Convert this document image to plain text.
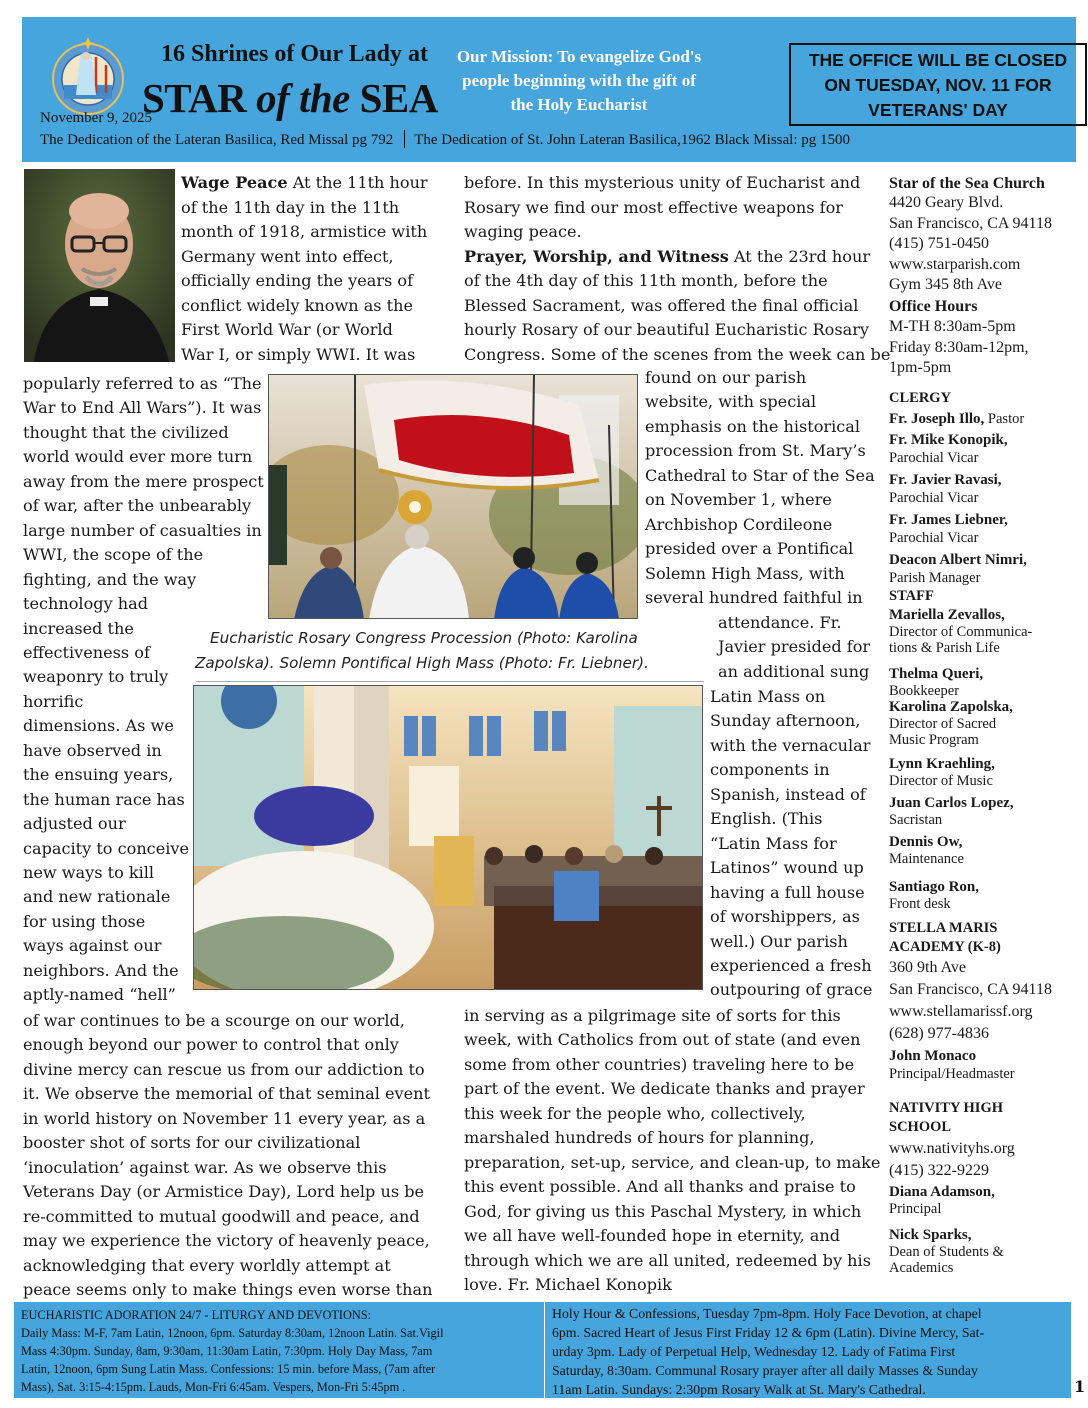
16 Shrines of Our Lady at
STAR of the SEA
Our Mission: To evangelize God's
people beginning with the gift of
the Holy Eucharist
THE OFFICE WILL BE CLOSED
ON TUESDAY, NOV. 11 FOR
VETERANS' DAY
November 9, 2025
The Dedication of the Lateran Basilica, Red Missal pg 792 The Dedication of St. John Lateran Basilica,1962 Black Missal: pg 1500
Wage Peace At the 11th hour
of the 11th day in the 11th
month of 1918, armistice with
Germany went into effect,
officially ending the years of
conflict widely known as the
First World War (or World
War I, or simply WWI. It was
popularly referred to as “The
War to End All Wars”). It was
thought that the civilized
world would ever more turn
away from the mere prospect
of war, after the unbearably
large number of casualties in
WWI, the scope of the
fighting, and the way
technology had
increased the
effectiveness of
weaponry to truly
horrific
dimensions. As we
have observed in
the ensuing years,
the human race has
adjusted our
capacity to conceive
new ways to kill
and new rationale
for using those
ways against our
neighbors. And the
aptly-named “hell”
of war continues to be a scourge on our world,
enough beyond our power to control that only
divine mercy can rescue us from our addiction to
it. We observe the memorial of that seminal event
in world history on November 11 every year, as a
booster shot of sorts for our civilizational
‘inoculation’ against war. As we observe this
Veterans Day (or Armistice Day), Lord help us be
re-committed to mutual goodwill and peace, and
may we experience the victory of heavenly peace,
acknowledging that every worldly attempt at
peace seems only to make things even worse than
before. In this mysterious unity of Eucharist and
Rosary we find our most effective weapons for
waging peace.
Prayer, Worship, and Witness At the 23rd hour
of the 4th day of this 11th month, before the
Blessed Sacrament, was offered the final official
hourly Rosary of our beautiful Eucharistic Rosary
Congress. Some of the scenes from the week can be
found on our parish
website, with special
emphasis on the historical
procession from St. Mary’s
Cathedral to Star of the Sea
on November 1, where
Archbishop Cordileone
presided over a Pontifical
Solemn High Mass, with
several hundred faithful in
attendance. Fr.
Javier presided for
an additional sung
Latin Mass on
Sunday afternoon,
with the vernacular
components in
Spanish, instead of
English. (This
“Latin Mass for
Latinos” wound up
having a full house
of worshippers, as
well.) Our parish
experienced a fresh
outpouring of grace
in serving as a pilgrimage site of sorts for this
week, with Catholics from out of state (and even
some from other countries) traveling here to be
part of the event. We dedicate thanks and prayer
this week for the people who, collectively,
marshaled hundreds of hours for planning,
preparation, set-up, service, and clean-up, to make
this event possible. And all thanks and praise to
God, for giving us this Paschal Mystery, in which
we all have well-founded hope in eternity, and
through which we are all united, redeemed by his
love. Fr. Michael Konopik
Eucharistic Rosary Congress Procession (Photo: Karolina
Zapolska). Solemn Pontifical High Mass (Photo: Fr. Liebner).
Star of the Sea Church
4420 Geary Blvd.
San Francisco, CA 94118
(415) 751-0450
www.starparish.com
Gym 345 8th Ave
Office Hours
M-TH 8:30am-5pm
Friday 8:30am-12pm,
1pm-5pm
CLERGY
Fr. Joseph Illo, Pastor
Fr. Mike Konopik,
Parochial Vicar
Fr. Javier Ravasi,
Parochial Vicar
Fr. James Liebner,
Parochial Vicar
Deacon Albert Nimri,
Parish Manager
STAFF
Mariella Zevallos,
Director of Communica-
tions & Parish Life
Thelma Queri,
Bookkeeper
Karolina Zapolska,
Director of Sacred
Music Program
Lynn Kraehling,
Director of Music
Juan Carlos Lopez,
Sacristan
Dennis Ow,
Maintenance
Santiago Ron,
Front desk
STELLA MARIS
ACADEMY (K-8)
360 9th Ave
San Francisco, CA 94118
www.stellamarissf.org
(628) 977-4836
John Monaco
Principal/Headmaster
NATIVITY HIGH
SCHOOL
www.nativityhs.org
(415) 322-9229
Diana Adamson,
Principal
Nick Sparks,
Dean of Students &
Academics
EUCHARISTIC ADORATION 24/7 - LITURGY AND DEVOTIONS:
Daily Mass: M-F, 7am Latin, 12noon, 6pm. Saturday 8:30am, 12noon Latin. Sat.Vigil
Mass 4:30pm. Sunday, 8am, 9:30am, 11:30am Latin, 7:30pm. Holy Day Mass, 7am
Latin, 12noon, 6pm Sung Latin Mass. Confessions: 15 min. before Mass, (7am after
Mass), Sat. 3:15-4:15pm. Lauds, Mon-Fri 6:45am. Vespers, Mon-Fri 5:45pm .
Holy Hour & Confessions, Tuesday 7pm-8pm. Holy Face Devotion, at chapel
6pm. Sacred Heart of Jesus First Friday 12 & 6pm (Latin). Divine Mercy, Sat-
urday 3pm. Lady of Perpetual Help, Wednesday 12. Lady of Fatima First
Saturday, 8:30am. Communal Rosary prayer after all daily Masses & Sunday
11am Latin. Sundays: 2:30pm Rosary Walk at St. Mary's Cathedral.	1
